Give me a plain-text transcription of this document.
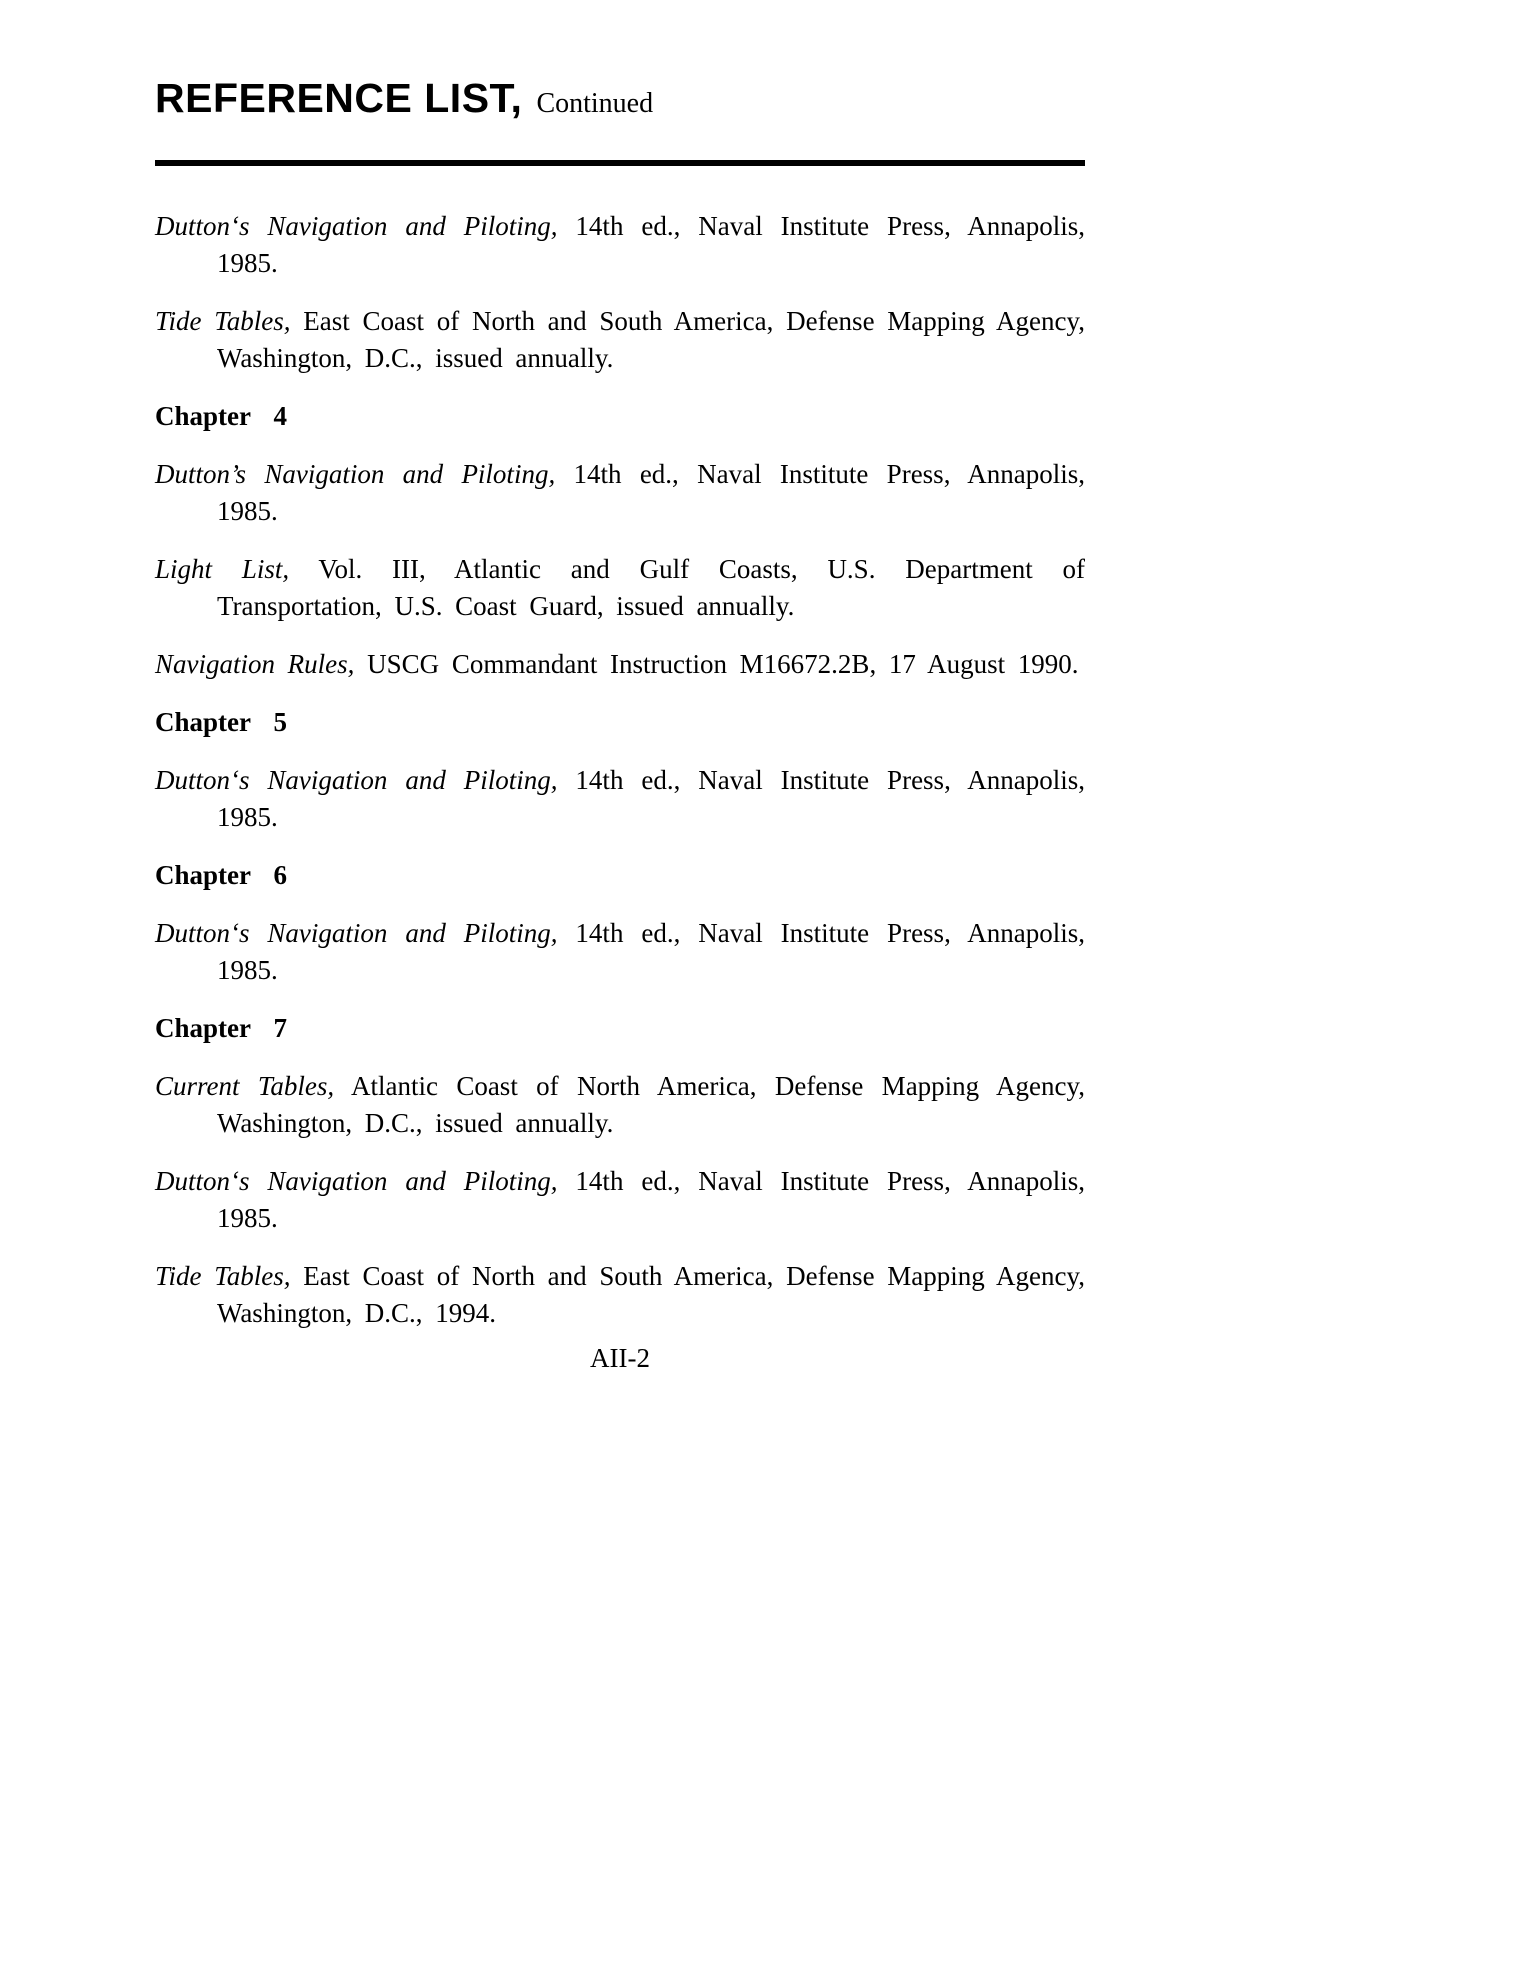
REFERENCE LIST, Continued

Dutton‘s Navigation and Piloting, 14th ed., Naval Institute Press, Annapolis, 1985.

Tide Tables, East Coast of North and South America, Defense Mapping Agency, Washington, D.C., issued annually.

Chapter 4

Dutton’s Navigation and Piloting, 14th ed., Naval Institute Press, Annapolis, 1985.

Light List, Vol. III, Atlantic and Gulf Coasts, U.S. Department of Transportation, U.S. Coast Guard, issued annually.

Navigation Rules, USCG Commandant Instruction M16672.2B, 17 August 1990.

Chapter 5

Dutton‘s Navigation and Piloting, 14th ed., Naval Institute Press, Annapolis, 1985.

Chapter 6

Dutton‘s Navigation and Piloting, 14th ed., Naval Institute Press, Annapolis, 1985.

Chapter 7

Current Tables, Atlantic Coast of North America, Defense Mapping Agency, Washington, D.C., issued annually.

Dutton‘s Navigation and Piloting, 14th ed., Naval Institute Press, Annapolis, 1985.

Tide Tables, East Coast of North and South America, Defense Mapping Agency, Washington, D.C., 1994.

AII-2
